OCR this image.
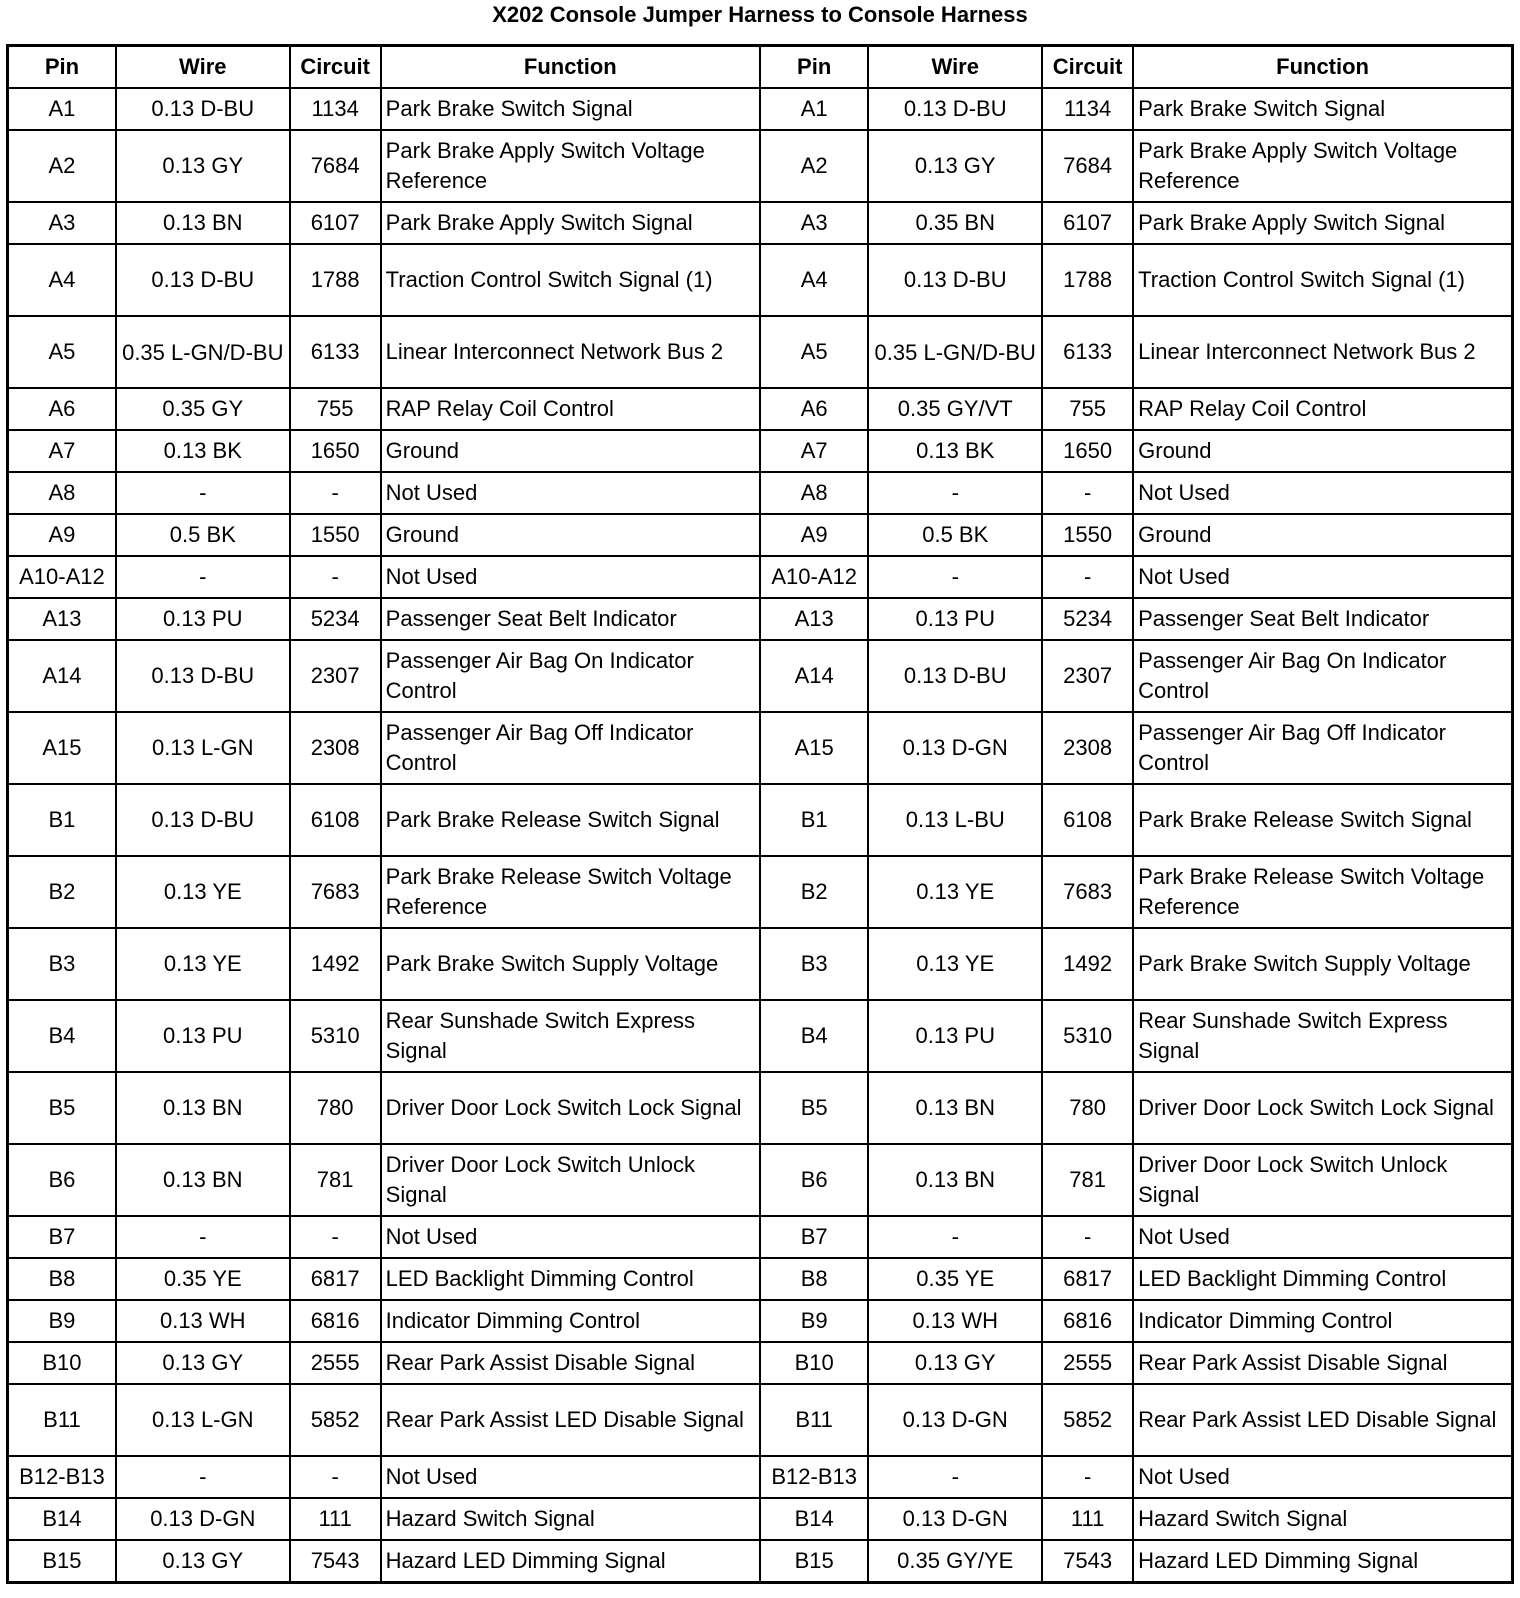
X202 Console Jumper Harness to Console Harness
Pin	Wire	Circuit	Function	Pin	Wire	Circuit	Function
A1	0.13 D-BU	1134	Park Brake Switch Signal	A1	0.13 D-BU	1134	Park Brake Switch Signal
A2	0.13 GY	7684	Park Brake Apply Switch Voltage Reference	A2	0.13 GY	7684	Park Brake Apply Switch Voltage Reference
A3	0.13 BN	6107	Park Brake Apply Switch Signal	A3	0.35 BN	6107	Park Brake Apply Switch Signal
A4	0.13 D-BU	1788	Traction Control Switch Signal (1)	A4	0.13 D-BU	1788	Traction Control Switch Signal (1)
A5	0.35 L-GN/D-BU	6133	Linear Interconnect Network Bus 2	A5	0.35 L-GN/D-BU	6133	Linear Interconnect Network Bus 2
A6	0.35 GY	755	RAP Relay Coil Control	A6	0.35 GY/VT	755	RAP Relay Coil Control
A7	0.13 BK	1650	Ground	A7	0.13 BK	1650	Ground
A8	-	-	Not Used	A8	-	-	Not Used
A9	0.5 BK	1550	Ground	A9	0.5 BK	1550	Ground
A10-A12	-	-	Not Used	A10-A12	-	-	Not Used
A13	0.13 PU	5234	Passenger Seat Belt Indicator	A13	0.13 PU	5234	Passenger Seat Belt Indicator
A14	0.13 D-BU	2307	Passenger Air Bag On Indicator Control	A14	0.13 D-BU	2307	Passenger Air Bag On Indicator Control
A15	0.13 L-GN	2308	Passenger Air Bag Off Indicator Control	A15	0.13 D-GN	2308	Passenger Air Bag Off Indicator Control
B1	0.13 D-BU	6108	Park Brake Release Switch Signal	B1	0.13 L-BU	6108	Park Brake Release Switch Signal
B2	0.13 YE	7683	Park Brake Release Switch Voltage Reference	B2	0.13 YE	7683	Park Brake Release Switch Voltage Reference
B3	0.13 YE	1492	Park Brake Switch Supply Voltage	B3	0.13 YE	1492	Park Brake Switch Supply Voltage
B4	0.13 PU	5310	Rear Sunshade Switch Express Signal	B4	0.13 PU	5310	Rear Sunshade Switch Express Signal
B5	0.13 BN	780	Driver Door Lock Switch Lock Signal	B5	0.13 BN	780	Driver Door Lock Switch Lock Signal
B6	0.13 BN	781	Driver Door Lock Switch Unlock Signal	B6	0.13 BN	781	Driver Door Lock Switch Unlock Signal
B7	-	-	Not Used	B7	-	-	Not Used
B8	0.35 YE	6817	LED Backlight Dimming Control	B8	0.35 YE	6817	LED Backlight Dimming Control
B9	0.13 WH	6816	Indicator Dimming Control	B9	0.13 WH	6816	Indicator Dimming Control
B10	0.13 GY	2555	Rear Park Assist Disable Signal	B10	0.13 GY	2555	Rear Park Assist Disable Signal
B11	0.13 L-GN	5852	Rear Park Assist LED Disable Signal	B11	0.13 D-GN	5852	Rear Park Assist LED Disable Signal
B12-B13	-	-	Not Used	B12-B13	-	-	Not Used
B14	0.13 D-GN	111	Hazard Switch Signal	B14	0.13 D-GN	111	Hazard Switch Signal
B15	0.13 GY	7543	Hazard LED Dimming Signal	B15	0.35 GY/YE	7543	Hazard LED Dimming Signal
